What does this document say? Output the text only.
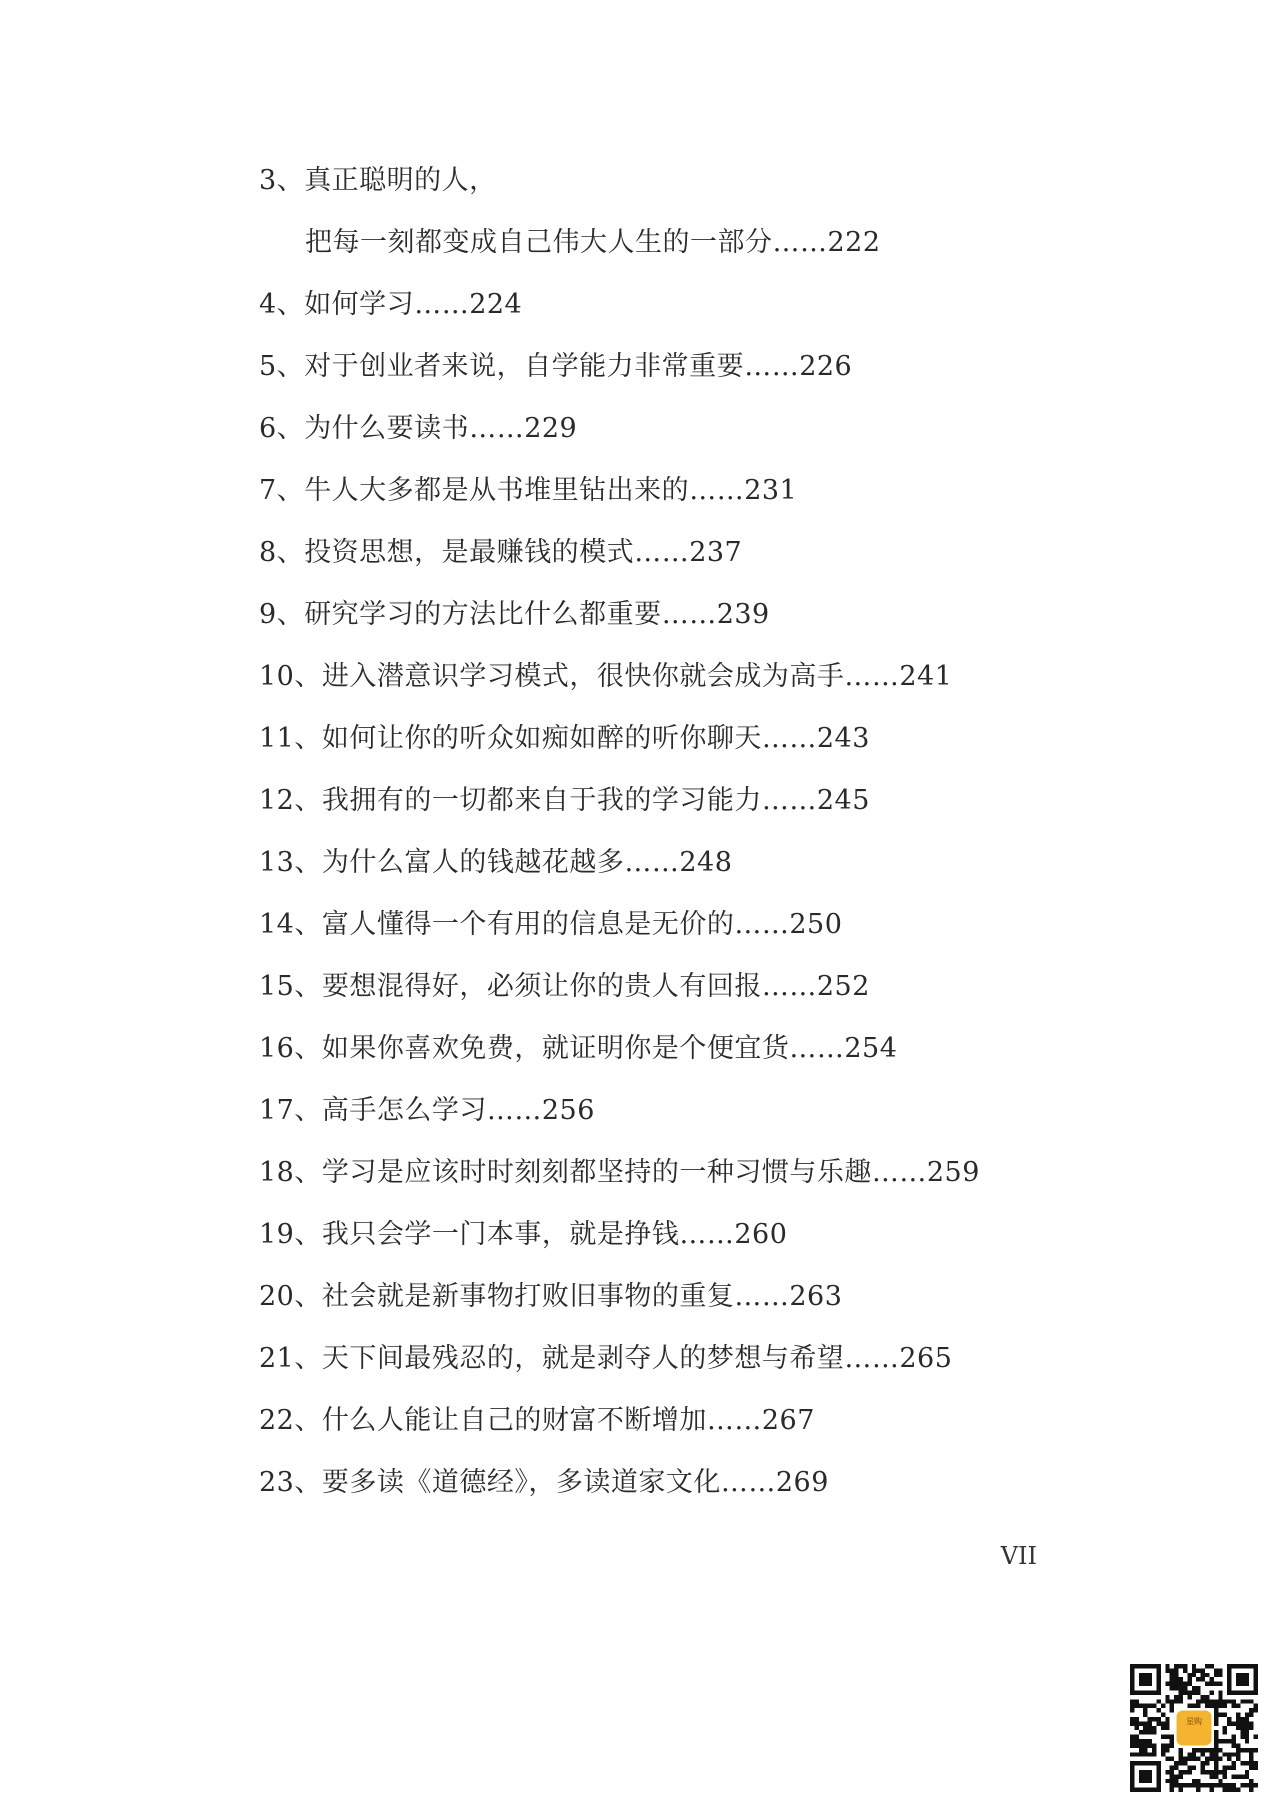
3、真正聪明的人，
把每一刻都变成自己伟大人生的一部分……222
4、如何学习……224
5、对于创业者来说，自学能力非常重要……226
6、为什么要读书……229
7、牛人大多都是从书堆里钻出来的……231
8、投资思想，是最赚钱的模式……237
9、研究学习的方法比什么都重要……239
10、进入潜意识学习模式，很快你就会成为高手……241
11、如何让你的听众如痴如醉的听你聊天……243
12、我拥有的一切都来自于我的学习能力……245
13、为什么富人的钱越花越多……248
14、富人懂得一个有用的信息是无价的……250
15、要想混得好，必须让你的贵人有回报……252
16、如果你喜欢免费，就证明你是个便宜货……254
17、高手怎么学习……256
18、学习是应该时时刻刻都坚持的一种习惯与乐趣……259
19、我只会学一门本事，就是挣钱……260
20、社会就是新事物打败旧事物的重复……263
21、天下间最残忍的，就是剥夺人的梦想与希望……265
22、什么人能让自己的财富不断增加……267
23、要多读《道德经》，多读道家文化……269
VII
星购
